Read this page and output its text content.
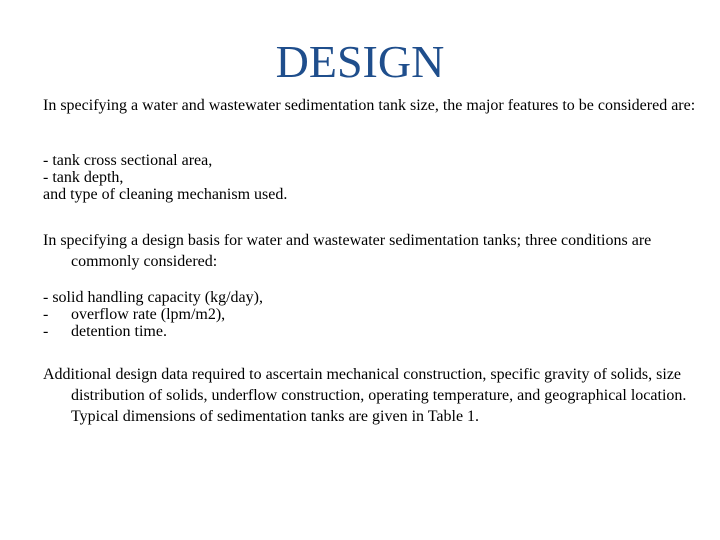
DESIGN

In specifying a water and wastewater sedimentation tank size, the major features to be considered are:

- tank cross sectional area,
- tank depth,
and type of cleaning mechanism used.

In specifying a design basis for water and wastewater sedimentation tanks; three conditions are commonly considered:

- solid handling capacity (kg/day),
- overflow rate (lpm/m2),
- detention time.

Additional design data required to ascertain mechanical construction, specific gravity of solids, size distribution of solids, underflow construction, operating temperature, and geographical location. Typical dimensions of sedimentation tanks are given in Table 1.
